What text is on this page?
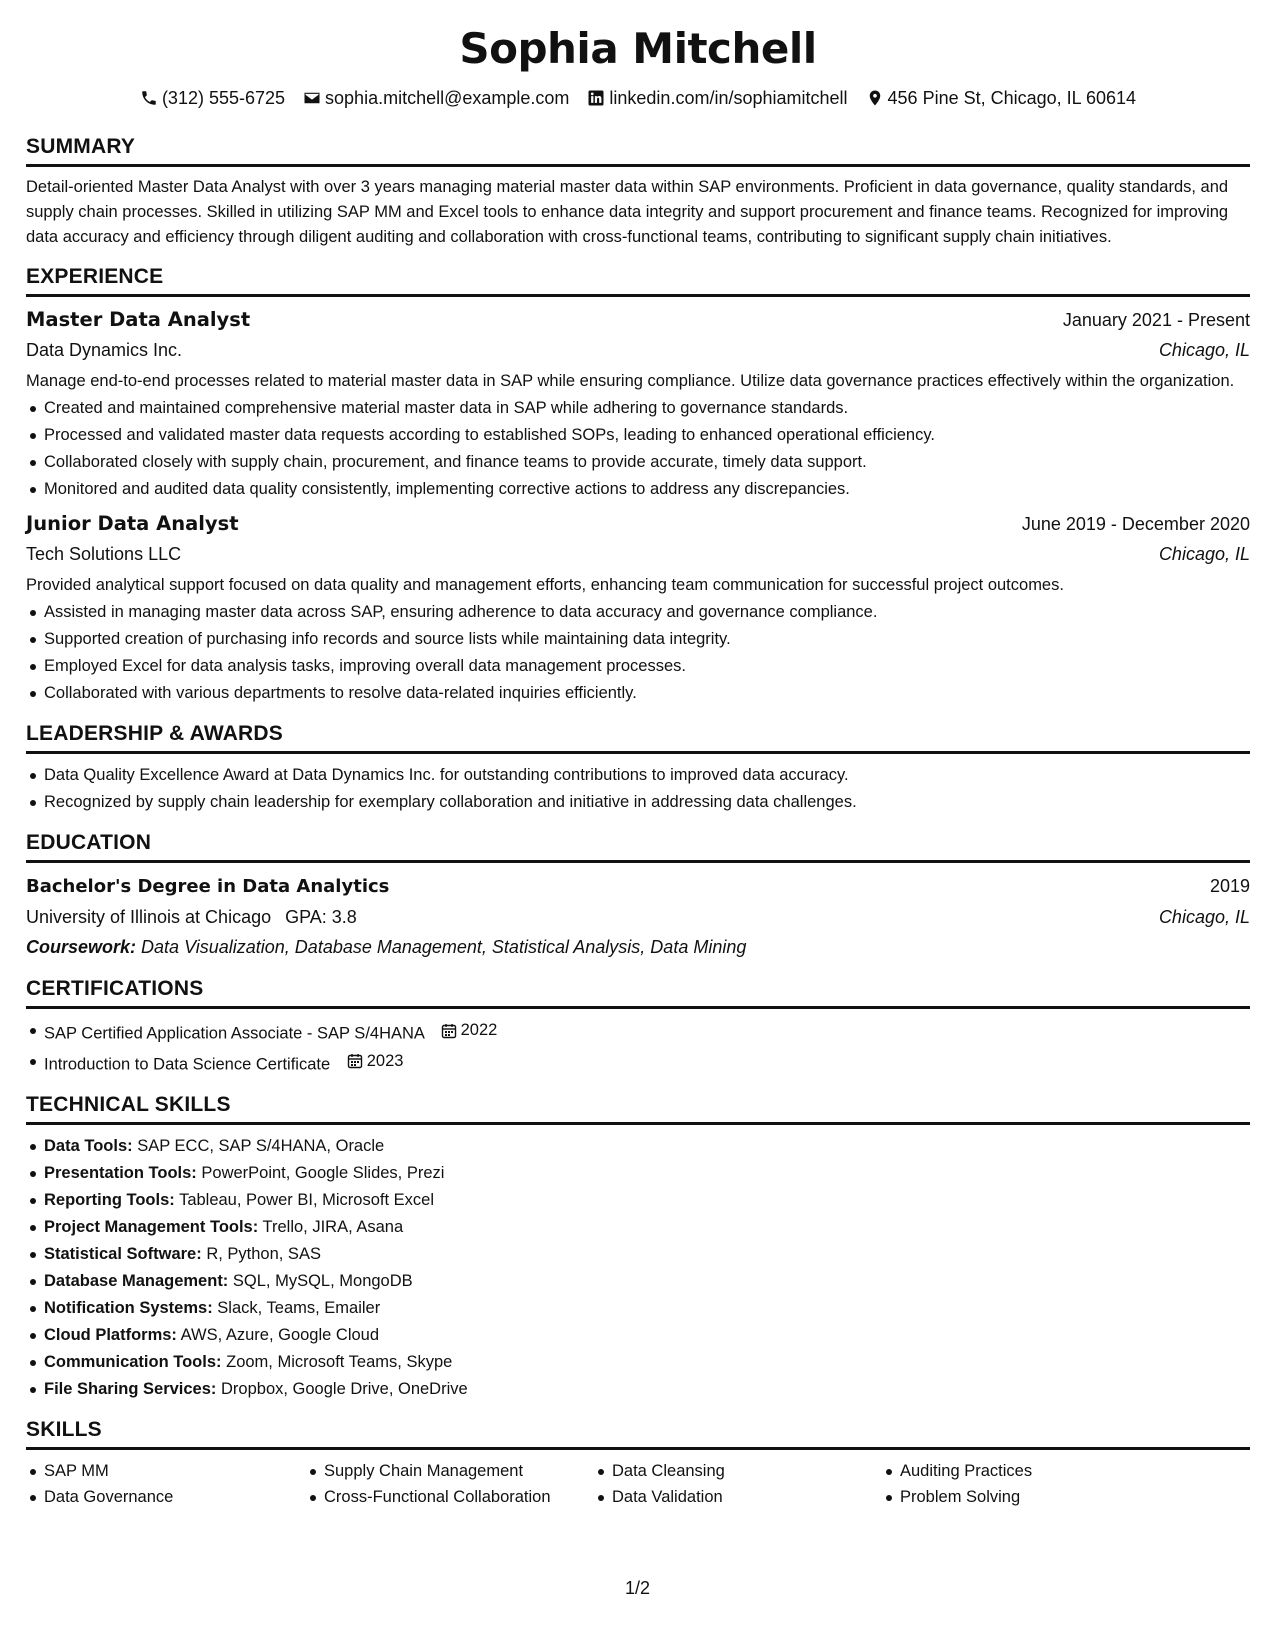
Sophia Mitchell
(312) 555-6725 sophia.mitchell@example.com linkedin.com/in/sophiamitchell 456 Pine St, Chicago, IL 60614
SUMMARY
Detail-oriented Master Data Analyst with over 3 years managing material master data within SAP environments. Proficient in data governance, quality standards, and supply chain processes. Skilled in utilizing SAP MM and Excel tools to enhance data integrity and support procurement and finance teams. Recognized for improving data accuracy and efficiency through diligent auditing and collaboration with cross-functional teams, contributing to significant supply chain initiatives.
EXPERIENCE
Master Data Analyst	January 2021 - Present
Data Dynamics Inc.	Chicago, IL
Manage end-to-end processes related to material master data in SAP while ensuring compliance. Utilize data governance practices effectively within the organization.
Created and maintained comprehensive material master data in SAP while adhering to governance standards.
Processed and validated master data requests according to established SOPs, leading to enhanced operational efficiency.
Collaborated closely with supply chain, procurement, and finance teams to provide accurate, timely data support.
Monitored and audited data quality consistently, implementing corrective actions to address any discrepancies.
Junior Data Analyst	June 2019 - December 2020
Tech Solutions LLC	Chicago, IL
Provided analytical support focused on data quality and management efforts, enhancing team communication for successful project outcomes.
Assisted in managing master data across SAP, ensuring adherence to data accuracy and governance compliance.
Supported creation of purchasing info records and source lists while maintaining data integrity.
Employed Excel for data analysis tasks, improving overall data management processes.
Collaborated with various departments to resolve data-related inquiries efficiently.
LEADERSHIP & AWARDS
Data Quality Excellence Award at Data Dynamics Inc. for outstanding contributions to improved data accuracy.
Recognized by supply chain leadership for exemplary collaboration and initiative in addressing data challenges.
EDUCATION
Bachelor's Degree in Data Analytics	2019
University of Illinois at Chicago GPA: 3.8	Chicago, IL
Coursework: Data Visualization, Database Management, Statistical Analysis, Data Mining
CERTIFICATIONS
SAP Certified Application Associate - SAP S/4HANA 2022
Introduction to Data Science Certificate 2023
TECHNICAL SKILLS
Data Tools: SAP ECC, SAP S/4HANA, Oracle
Presentation Tools: PowerPoint, Google Slides, Prezi
Reporting Tools: Tableau, Power BI, Microsoft Excel
Project Management Tools: Trello, JIRA, Asana
Statistical Software: R, Python, SAS
Database Management: SQL, MySQL, MongoDB
Notification Systems: Slack, Teams, Emailer
Cloud Platforms: AWS, Azure, Google Cloud
Communication Tools: Zoom, Microsoft Teams, Skype
File Sharing Services: Dropbox, Google Drive, OneDrive
SKILLS
SAP MM
Data Governance
Supply Chain Management
Cross-Functional Collaboration
Data Cleansing
Data Validation
Auditing Practices
Problem Solving
1/2
